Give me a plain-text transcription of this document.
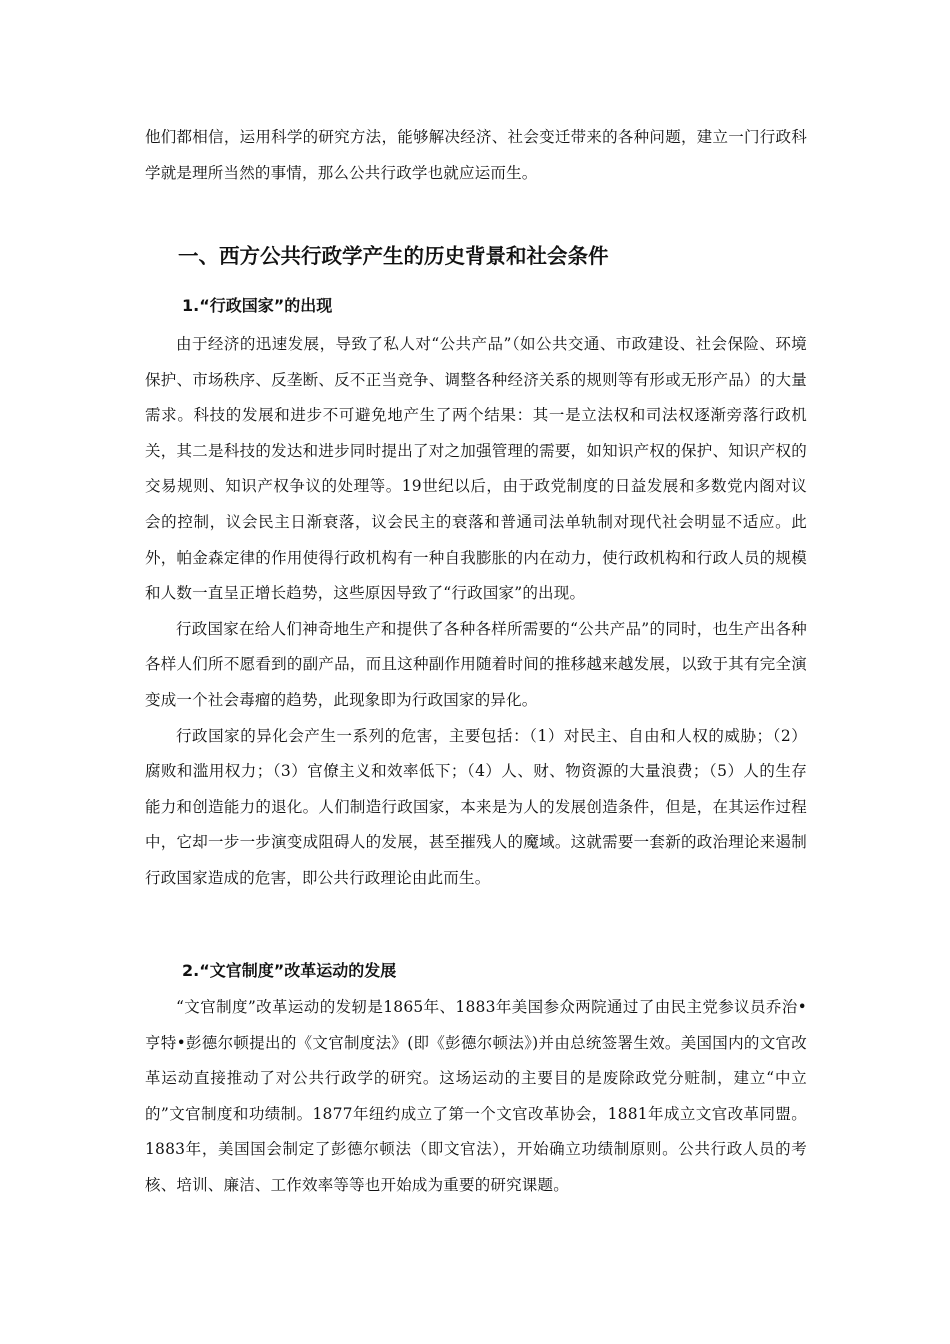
他们都相信，运用科学的研究方法，能够解决经济、社会变迁带来的各种问题，建立一门行政科学就是理所当然的事情，那么公共行政学也就应运而生。

一、西方公共行政学产生的历史背景和社会条件
1.“行政国家”的出现

由于经济的迅速发展，导致了私人对“公共产品”（如公共交通、市政建设、社会保险、环境保护、市场秩序、反垄断、反不正当竞争、调整各种经济关系的规则等有形或无形产品）的大量需求。科技的发展和进步不可避免地产生了两个结果：其一是立法权和司法权逐渐旁落行政机关，其二是科技的发达和进步同时提出了对之加强管理的需要，如知识产权的保护、知识产权的交易规则、知识产权争议的处理等。19世纪以后，由于政党制度的日益发展和多数党内阁对议会的控制，议会民主日渐衰落，议会民主的衰落和普通司法单轨制对现代社会明显不适应。此外，帕金森定律的作用使得行政机构有一种自我膨胀的内在动力，使行政机构和行政人员的规模和人数一直呈正增长趋势，这些原因导致了“行政国家”的出现。

行政国家在给人们神奇地生产和提供了各种各样所需要的“公共产品”的同时，也生产出各种各样人们所不愿看到的副产品，而且这种副作用随着时间的推移越来越发展，以致于其有完全演变成一个社会毒瘤的趋势，此现象即为行政国家的异化。

行政国家的异化会产生一系列的危害，主要包括：（1）对民主、自由和人权的威胁；（2）腐败和滥用权力；（3）官僚主义和效率低下；（4）人、财、物资源的大量浪费；（5）人的生存能力和创造能力的退化。人们制造行政国家，本来是为人的发展创造条件，但是，在其运作过程中，它却一步一步演变成阻碍人的发展，甚至摧残人的魔域。这就需要一套新的政治理论来遏制行政国家造成的危害，即公共行政理论由此而生。

2.“文官制度”改革运动的发展

“文官制度”改革运动的发轫是1865年、1883年美国参众两院通过了由民主党参议员乔治•亨特•彭德尔顿提出的《文官制度法》(即《彭德尔顿法》)并由总统签署生效。美国国内的文官改革运动直接推动了对公共行政学的研究。这场运动的主要目的是废除政党分赃制，建立“中立的”文官制度和功绩制。1877年纽约成立了第一个文官改革协会，1881年成立文官改革同盟。1883年，美国国会制定了彭德尔顿法（即文官法），开始确立功绩制原则。公共行政人员的考核、培训、廉洁、工作效率等等也开始成为重要的研究课题。
